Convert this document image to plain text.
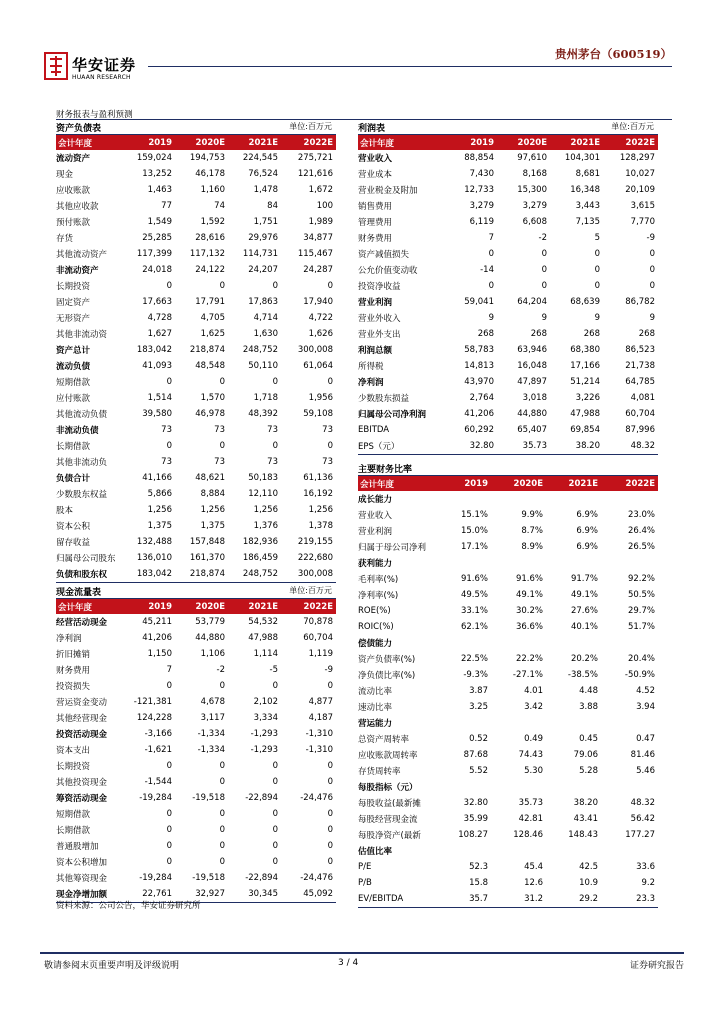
华安证券
HUAAN RESEARCH
贵州茅台（600519）
财务报表与盈利预测
资产负债表	单位:百万元
会计年度	2019	2020E	2021E	2022E
流动资产	159,024	194,753	224,545	275,721
现金	13,252	46,178	76,524	121,616
应收账款	1,463	1,160	1,478	1,672
其他应收款	77	74	84	100
预付账款	1,549	1,592	1,751	1,989
存货	25,285	28,616	29,976	34,877
其他流动资产	117,399	117,132	114,731	115,467
非流动资产	24,018	24,122	24,207	24,287
长期投资	0	0	0	0
固定资产	17,663	17,791	17,863	17,940
无形资产	4,728	4,705	4,714	4,722
其他非流动资	1,627	1,625	1,630	1,626
资产总计	183,042	218,874	248,752	300,008
流动负债	41,093	48,548	50,110	61,064
短期借款	0	0	0	0
应付账款	1,514	1,570	1,718	1,956
其他流动负债	39,580	46,978	48,392	59,108
非流动负债	73	73	73	73
长期借款	0	0	0	0
其他非流动负	73	73	73	73
负债合计	41,166	48,621	50,183	61,136
少数股东权益	5,866	8,884	12,110	16,192
股本	1,256	1,256	1,256	1,256
资本公积	1,375	1,375	1,376	1,378
留存收益	132,488	157,848	182,936	219,155
归属母公司股东	136,010	161,370	186,459	222,680
负债和股东权	183,042	218,874	248,752	300,008
现金流量表	单位:百万元
会计年度	2019	2020E	2021E	2022E
经营活动现金	45,211	53,779	54,532	70,878
净利润	41,206	44,880	47,988	60,704
折旧摊销	1,150	1,106	1,114	1,119
财务费用	7	-2	-5	-9
投资损失	0	0	0	0
营运资金变动	-121,381	4,678	2,102	4,877
其他经营现金	124,228	3,117	3,334	4,187
投资活动现金	-3,166	-1,334	-1,293	-1,310
资本支出	-1,621	-1,334	-1,293	-1,310
长期投资	0	0	0	0
其他投资现金	-1,544	0	0	0
筹资活动现金	-19,284	-19,518	-22,894	-24,476
短期借款	0	0	0	0
长期借款	0	0	0	0
普通股增加	0	0	0	0
资本公积增加	0	0	0	0
其他筹资现金	-19,284	-19,518	-22,894	-24,476
现金净增加额	22,761	32,927	30,345	45,092
利润表	单位:百万元
会计年度	2019	2020E	2021E	2022E
营业收入	88,854	97,610	104,301	128,297
营业成本	7,430	8,168	8,681	10,027
营业税金及附加	12,733	15,300	16,348	20,109
销售费用	3,279	3,279	3,443	3,615
管理费用	6,119	6,608	7,135	7,770
财务费用	7	-2	5	-9
资产减值损失	0	0	0	0
公允价值变动收	-14	0	0	0
投资净收益	0	0	0	0
营业利润	59,041	64,204	68,639	86,782
营业外收入	9	9	9	9
营业外支出	268	268	268	268
利润总额	58,783	63,946	68,380	86,523
所得税	14,813	16,048	17,166	21,738
净利润	43,970	47,897	51,214	64,785
少数股东损益	2,764	3,018	3,226	4,081
归属母公司净利润	41,206	44,880	47,988	60,704
EBITDA	60,292	65,407	69,854	87,996
EPS（元）	32.80	35.73	38.20	48.32
主要财务比率
会计年度	2019	2020E	2021E	2022E
成长能力
营业收入	15.1%	9.9%	6.9%	23.0%
营业利润	15.0%	8.7%	6.9%	26.4%
归属于母公司净利	17.1%	8.9%	6.9%	26.5%
获利能力
毛利率(%)	91.6%	91.6%	91.7%	92.2%
净利率(%)	49.5%	49.1%	49.1%	50.5%
ROE(%)	33.1%	30.2%	27.6%	29.7%
ROIC(%)	62.1%	36.6%	40.1%	51.7%
偿债能力
资产负债率(%)	22.5%	22.2%	20.2%	20.4%
净负债比率(%)	-9.3%	-27.1%	-38.5%	-50.9%
流动比率	3.87	4.01	4.48	4.52
速动比率	3.25	3.42	3.88	3.94
营运能力
总资产周转率	0.52	0.49	0.45	0.47
应收账款周转率	87.68	74.43	79.06	81.46
存货周转率	5.52	5.30	5.28	5.46
每股指标（元）
每股收益(最新摊	32.80	35.73	38.20	48.32
每股经营现金流	35.99	42.81	43.41	56.42
每股净资产(最新	108.27	128.46	148.43	177.27
估值比率
P/E	52.3	45.4	42.5	33.6
P/B	15.8	12.6	10.9	9.2
EV/EBITDA	35.7	31.2	29.2	23.3
资料来源：公司公告，华安证券研究所
敬请参阅末页重要声明及评级说明	3 / 4	证券研究报告
